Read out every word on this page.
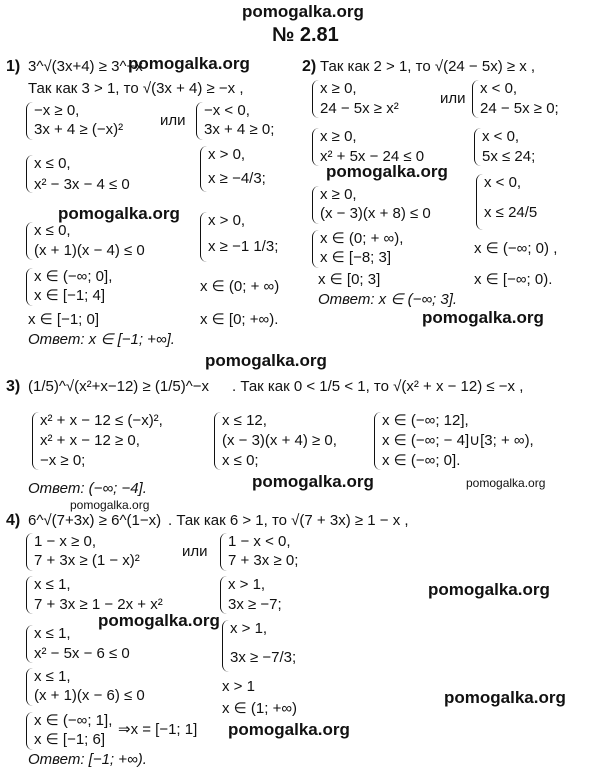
pomogalka.org
№ 2.81
1) 3^√(3x+4) ≥ 3^−x
pomogalka.org
Так как 3 > 1, то √(3x + 4) ≥ −x ,
−x ≥ 0,
3x + 4 ≥ (−x)²
или
−x < 0,
3x + 4 ≥ 0;
x ≤ 0,
x² − 3x − 4 ≤ 0
x > 0,
x ≥ −4/3;
pomogalka.org
x ≤ 0,
(x + 1)(x − 4) ≤ 0
x > 0,
x ≥ −1 1/3;
x ∈ (−∞; 0],
x ∈ [−1; 4]
x ∈ (0; + ∞)
x ∈ [−1; 0]	x ∈ [0; +∞).
Ответ: x ∈ [−1; +∞].
2) Так как 2 > 1, то √(24 − 5x) ≥ x ,
x ≥ 0,
24 − 5x ≥ x²
или
x < 0,
24 − 5x ≥ 0;
x ≥ 0,
x² + 5x − 24 ≤ 0
x < 0,
5x ≤ 24;
pomogalka.org
x ≥ 0,
(x − 3)(x + 8) ≤ 0
x < 0,
x ≤ 24/5
x ∈ (0; + ∞),
x ∈ [−8; 3]
x ∈ (−∞; 0) ,
x ∈ [0; 3]	x ∈ [−∞; 0).
Ответ: x ∈ (−∞; 3].
pomogalka.org
pomogalka.org
3) (1/5)^√(x²+x−12) ≥ (1/5)^−x . Так как 0 < 1/5 < 1, то √(x² + x − 12) ≤ −x ,
x² + x − 12 ≤ (−x)²,
x² + x − 12 ≥ 0,
−x ≥ 0;
x ≤ 12,
(x − 3)(x + 4) ≥ 0,
x ≤ 0;
x ∈ (−∞; 12],
x ∈ (−∞; − 4]∪[3; + ∞),
x ∈ (−∞; 0].
pomogalka.org	pomogalka.org
Ответ: (−∞; −4].
pomogalka.org
4) 6^√(7+3x) ≥ 6^(1−x) . Так как 6 > 1, то √(7 + 3x) ≥ 1 − x ,
1 − x ≥ 0,
7 + 3x ≥ (1 − x)²
или
1 − x < 0,
7 + 3x ≥ 0;
x ≤ 1,
7 + 3x ≥ 1 − 2x + x²
x > 1,
3x ≥ −7;
pomogalka.org
pomogalka.org
x ≤ 1,
x² − 5x − 6 ≤ 0
x > 1,
3x ≥ −7/3;
x ≤ 1,
(x + 1)(x − 6) ≤ 0
x > 1
pomogalka.org
x ∈ (1; +∞)
x ∈ (−∞; 1],
x ∈ [−1; 6]
⇒x = [−1; 1] pomogalka.org
Ответ: [−1; +∞).
